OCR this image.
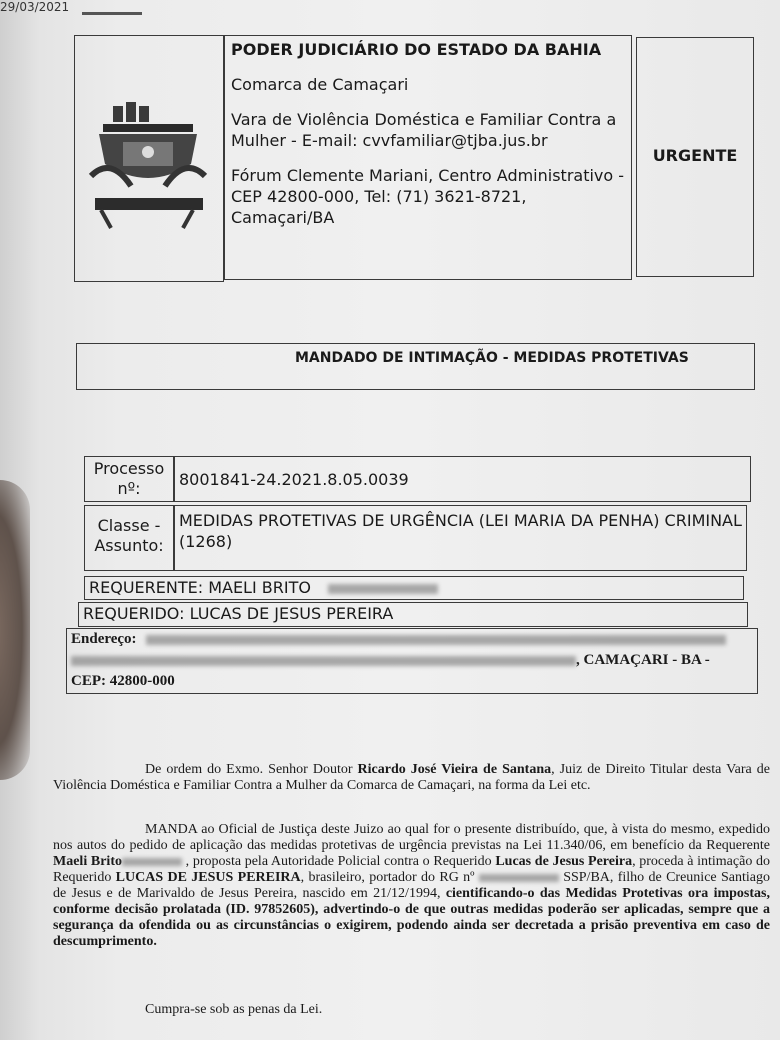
29/03/2021
PODER JUDICIÁRIO DO ESTADO DA BAHIA
Comarca de Camaçari
Vara de Violência Doméstica e Familiar Contra a Mulher - E-mail: cvvfamiliar@tjba.jus.br
Fórum Clemente Mariani, Centro Administrativo - CEP 42800-000, Tel: (71) 3621-8721, Camaçari/BA
URGENTE
MANDADO DE INTIMAÇÃO - MEDIDAS PROTETIVAS
Processo nº:	8001841-24.2021.8.05.0039
Classe - Assunto:
MEDIDAS PROTETIVAS DE URGÊNCIA (LEI MARIA DA PENHA) CRIMINAL (1268)
REQUERENTE: MAELI BRITO
REQUERIDO: LUCAS DE JESUS PEREIRA
Endereço:
, CAMAÇARI - BA -
CEP: 42800-000
De ordem do Exmo. Senhor Doutor Ricardo José Vieira de Santana, Juiz de Direito Titular desta Vara de Violência Doméstica e Familiar Contra a Mulher da Comarca de Camaçari, na forma da Lei etc.
MANDA ao Oficial de Justiça deste Juizo ao qual for o presente distribuído, que, à vista do mesmo, expedido nos autos do pedido de aplicação das medidas protetivas de urgência previstas na Lei 11.340/06, em benefício da Requerente Maeli Brito	, proposta pela Autoridade Policial contra o Requerido Lucas de Jesus Pereira, proceda à intimação do Requerido LUCAS DE JESUS PEREIRA, brasileiro, portador do RG nº	SSP/BA, filho de Creunice Santiago de Jesus e de Marivaldo de Jesus Pereira, nascido em 21/12/1994, cientificando-o das Medidas Protetivas ora impostas, conforme decisão prolatada (ID. 97852605), advertindo-o de que outras medidas poderão ser aplicadas, sempre que a segurança da ofendida ou as circunstâncias o exigirem, podendo ainda ser decretada a prisão preventiva em caso de descumprimento.
Cumpra-se sob as penas da Lei.
